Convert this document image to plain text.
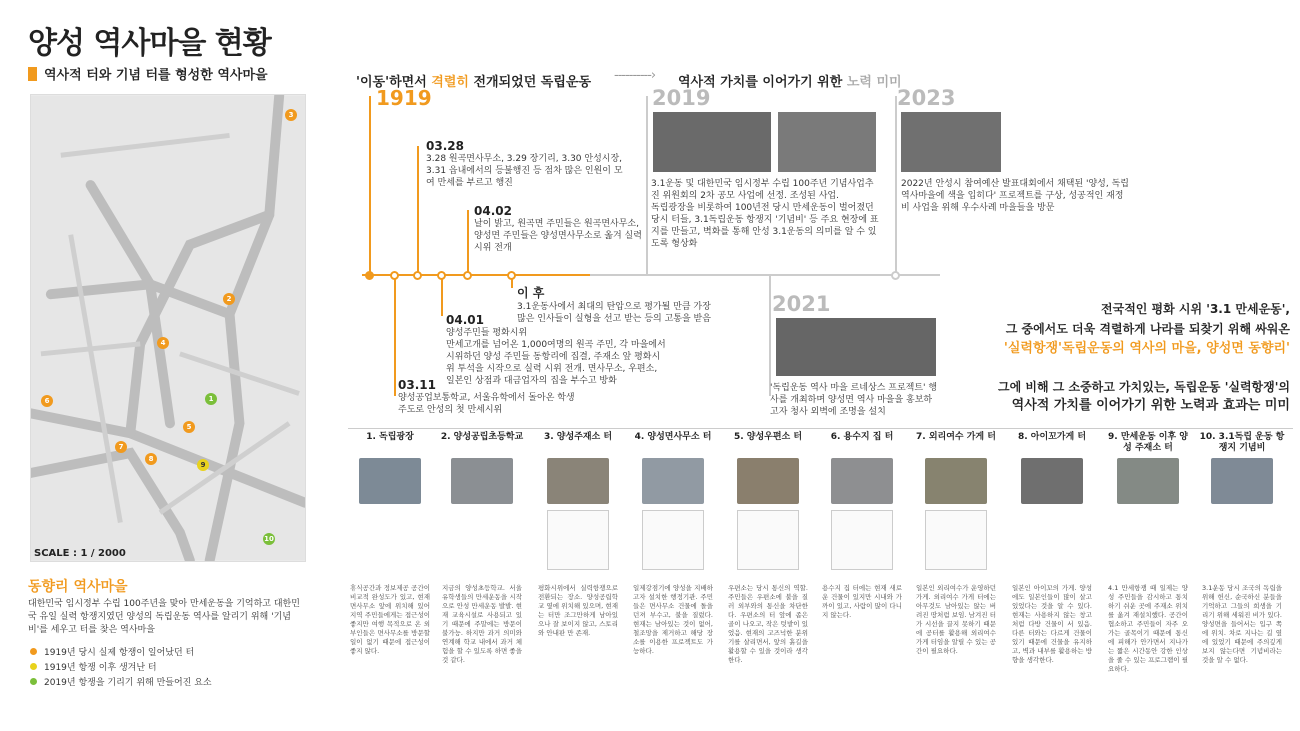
양성 역사마을 현황
역사적 터와 기념 터를 형성한 역사마을
3
2
4
1
6
5
7
8
9
10
SCALE : 1 / 2000
동향리 역사마을
대한민국 임시정부 수립 100주년을 맞아 만세운동을 기억하고 대한민국 유일 실력 항쟁지였던 양성의 독립운동 역사를 알리기 위해 '기념비'를 세우고 터를 찾은 역사마을
1919년 당시 실제 항쟁이 일어났던 터
1919년 항쟁 이후 생겨난 터
2019년 항쟁을 기리기 위해 만들어진 요소
'이동'하면서 격렬히 전개되었던 독립운동 ----------› 역사적 가치를 이어가기 위한 노력 미미
1919	2019	2023
2021
03.28
3.28 원곡면사무소, 3.29 장기리, 3.30 안성시장, 3.31 읍내에서의 등불행진 등 점차 많은 인원이 모여 만세를 부르고 행진
04.02
날이 밝고, 원곡면 주민들은 원곡면사무소, 양성면 주민들은 양성면사무소로 옮겨 실력 시위 전개
이 후
3.1운동사에서 최대의 탄압으로 평가될 만큼 가장 많은 인사들이 실형을 선고 받는 등의 고통을 받음
04.01
양성주민들 평화시위
만세고개를 넘어온 1,000여명의 원곡 주민, 각 마을에서 시위하던 양성 주민들 동항리에 집결, 주재소 앞 평화시위 투석을 시작으로 실력 시위 전개. 면사무소, 우편소, 일본인 상점과 대금업자의 집을 부수고 방화
03.11
양성공업보통학교, 서울유학에서 돌아온 학생 주도로 안성의 첫 만세시위
3.1운동 및 대한민국 임시정부 수립 100주년 기념사업추진 위원회의 2차 공모 사업에 선정. 조성된 사업.
독립광장을 비롯하여 100년전 당시 만세운동이 벌어졌던 당시 터들, 3.1독립운동 항쟁지 '기념비' 등 주요 현장에 표지를 만들고, 벽화를 통해 안성 3.1운동의 의미를 알 수 있도록 형상화
2022년 안성시 참여예산 발표대회에서 채택된 '양성, 독립역사마을에 색을 입히다' 프로젝트를 구상, 성공적인 재정비 사업을 위해 우수사례 마을들을 방문
'독립운동 역사 마을 르네상스 프로젝트' 행사를 개최하며 양성면 역사 마을을 홍보하고자 청사 외벽에 조명을 설치
전국적인 평화 시위 '3.1 만세운동',
그 중에서도 더욱 격렬하게 나라를 되찾기 위해 싸워온
'실력항쟁'독립운동의 역사의 마을, 양성면 동향리'
그에 비해 그 소중하고 가치있는, 독립운동 '실력항쟁'의
역사적 가치를 이어가기 위한 노력과 효과는 미미
1. 독립광장
휴식공간과 정보제공 공간이 비교적 완성도가 있고, 현재 면사무소 앞에 위치해 있어 지역 주민들에게는 접근성이 좋지만 여행 목적으로 온 외부인들은 면사무소를 방문할 일이 없기 때문에 접근성이 좋지 않다.
2. 양성공립초등학교
지금의 양성초등학교. 서울 유학생들의 만세운동을 시작으로 안성 만세운동 발발. 현재 교육시설로 사용되고 있기 때문에 주말에는 방문이 불가능. 하지만 과거 의미와 연계해 학교 내에서 과거 체험을 할 수 있도록 하면 좋을 것 같다.
3. 양성주재소 터
평화시위에서 실력항쟁으로 전환되는 장소. 양성공립학교 옆에 위치해 있으며, 현재는 터만 조그만하게 남아있으나 잘 보이지 않고, 스토리와 안내판 만 존재.
4. 양성면사무소 터
일제강점기에 양성을 지배하고자 설치한 행정기관. 주민들은 면사무소 건물에 돌을 던져 부수고, 불을 질렀다. 현재는 남아있는 것이 없어, 철조망을 제거하고 해당 장소를 이용한 프로젝트도 가능하다.
5. 양성우편소 터
우편소는 당시 통신의 역할. 주민들은 우편소에 불을 질러 외부와의 통신을 차단한다. 우편소의 터 앞에 좁은 골이 나오고, 작은 텃밭이 있었음. 현재의 고즈넉한 분위기를 살리면서, 앞의 흙길을 활용할 수 있을 것이라 생각한다.
6. 용수지 집 터
용수지 집 터에는 현재 새로운 건물이 있지만 시내와 가까이 있고, 사람이 많이 다니지 않는다.
7. 외리여수 가게 터
일본인 외리여수가 운영하던 가게. 외리여수 가게 터에는 아무것도 남아있는 않는 버려진 땅처럼 보임. 남겨진 터가 시선을 끌지 못하기 때문에 공터를 활용해 외리여수 가게 터임을 알릴 수 있는 공간이 필요하다.
8. 아이꼬가게 터
일본인 아이꼬의 가게. 양성에도 일본인들이 많이 살고 있었다는 것을 알 수 있다. 현재는 사용하지 않는 창고처럼 다방 건물이 서 있음. 다른 터와는 다르게 건물이 있기 때문에 건물을 유지하고, 벽과 내부를 활용하는 방향을 생각한다.
9. 만세운동 이후 양성 주재소 터
4.1 만세항쟁 때 일제는 양성 주민들을 감시하고 통치하기 쉬운 곳에 주재소 위치를 옮겨 재설치했다. 공간이 협소하고 주민들이 자주 오가는 골목이기 때문에 통신에 피해가 안가면서 지나가는 짧은 시간동안 강한 인상을 줄 수 있는 프로그램이 필요하다.
10. 3.1독립 운동 항쟁지 기념비
3.1운동 당시 조국의 독립을 위해 헌신, 순국하신 분들을 기억하고 그들의 희생을 기리기 위해 세워진 비가 있다. 양성면을 들어서는 입구 쪽에 위치. 차로 지나는 길 옆에 있었기 때문에 주의깊게 보지 않는다면 기념비라는 것을 알 수 없다.
